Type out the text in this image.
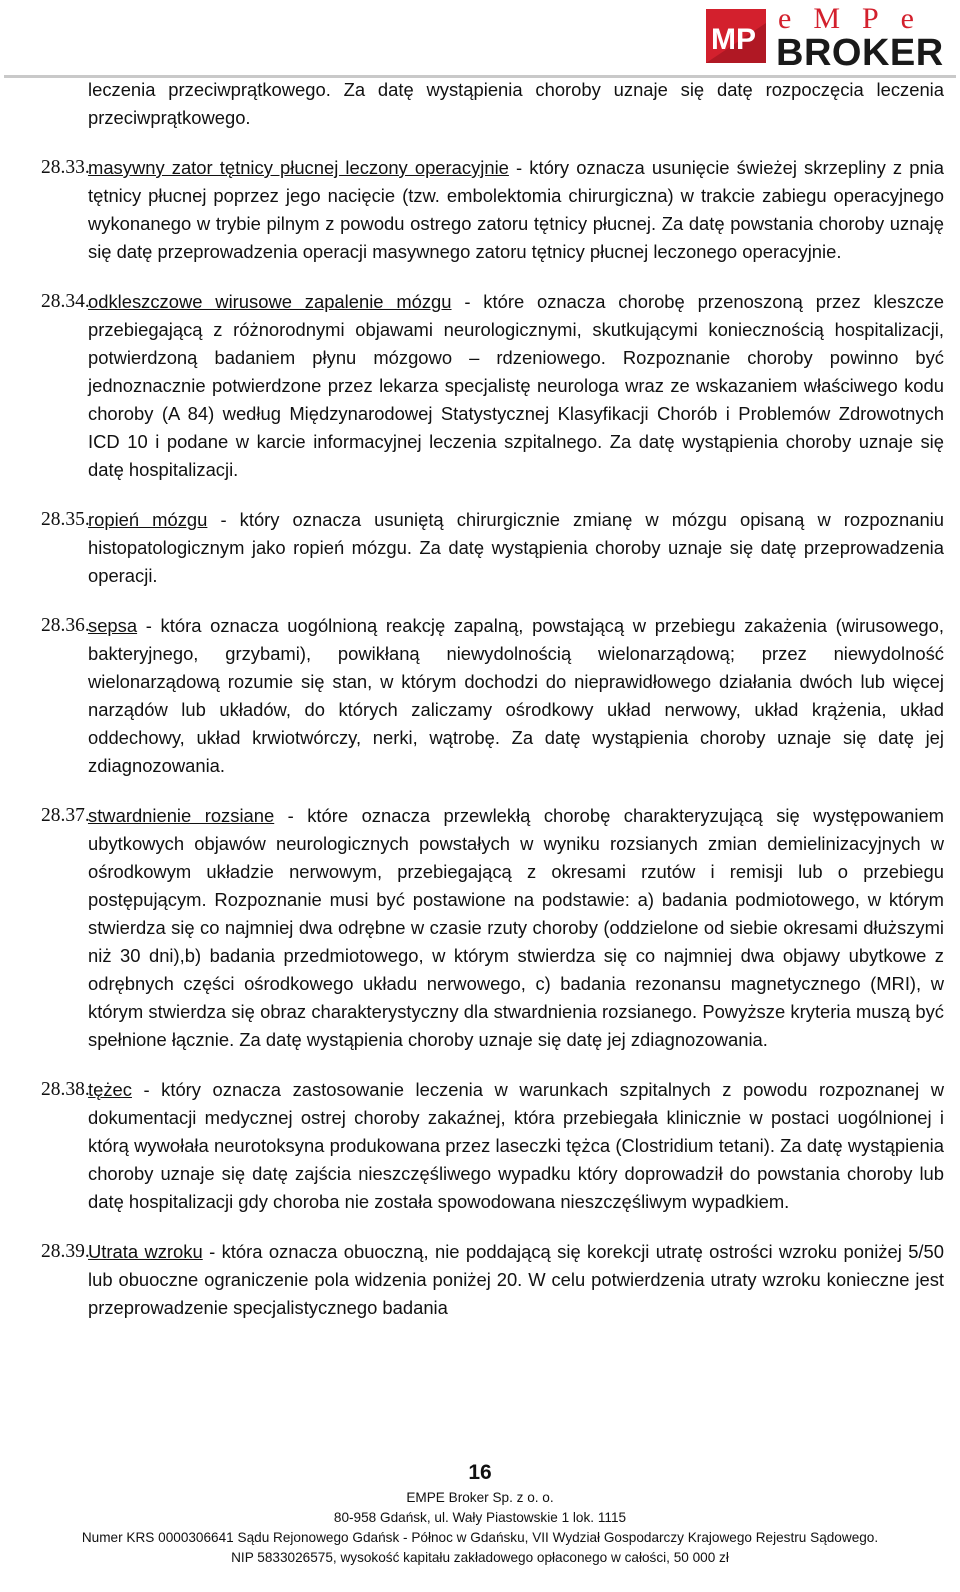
MP
eMPe
BROKER

leczenia przeciwprątkowego. Za datę wystąpienia choroby uznaje się datę rozpoczęcia leczenia przeciwprątkowego.

28.33.
masywny zator tętnicy płucnej leczony operacyjnie - który oznacza usunięcie świeżej skrzepliny z pnia tętnicy płucnej poprzez jego nacięcie (tzw. embolektomia chirurgiczna) w trakcie zabiegu operacyjnego wykonanego w trybie pilnym z powodu ostrego zatoru tętnicy płucnej. Za datę powstania choroby uznaję się datę przeprowadzenia operacji masywnego zatoru tętnicy płucnej leczonego operacyjnie.

28.34.
odkleszczowe wirusowe zapalenie mózgu - które oznacza chorobę przenoszoną przez kleszcze przebiegającą z różnorodnymi objawami neurologicznymi, skutkującymi koniecznością hospitalizacji, potwierdzoną badaniem płynu mózgowo – rdzeniowego. Rozpoznanie choroby powinno być jednoznacznie potwierdzone przez lekarza specjalistę neurologa wraz ze wskazaniem właściwego kodu choroby (A 84) według Międzynarodowej Statystycznej Klasyfikacji Chorób i Problemów Zdrowotnych ICD 10 i podane w karcie informacyjnej leczenia szpitalnego. Za datę wystąpienia choroby uznaje się datę hospitalizacji.

28.35.
ropień mózgu - który oznacza usuniętą chirurgicznie zmianę w mózgu opisaną w rozpoznaniu histopatologicznym jako ropień mózgu. Za datę wystąpienia choroby uznaje się datę przeprowadzenia operacji.

28.36.
sepsa - która oznacza uogólnioną reakcję zapalną, powstającą w przebiegu zakażenia (wirusowego, bakteryjnego, grzybami), powikłaną niewydolnością wielonarządową; przez niewydolność wielonarządową rozumie się stan, w którym dochodzi do nieprawidłowego działania dwóch lub więcej narządów lub układów, do których zaliczamy ośrodkowy układ nerwowy, układ krążenia, układ oddechowy, układ krwiotwórczy, nerki, wątrobę. Za datę wystąpienia choroby uznaje się datę jej zdiagnozowania.

28.37.
stwardnienie rozsiane - które oznacza przewlekłą chorobę charakteryzującą się występowaniem ubytkowych objawów neurologicznych powstałych w wyniku rozsianych zmian demielinizacyjnych w ośrodkowym układzie nerwowym, przebiegającą z okresami rzutów i remisji lub o przebiegu postępującym. Rozpoznanie musi być postawione na podstawie: a) badania podmiotowego, w którym stwierdza się co najmniej dwa odrębne w czasie rzuty choroby (oddzielone od siebie okresami dłuższymi niż 30 dni),b) badania przedmiotowego, w którym stwierdza się co najmniej dwa objawy ubytkowe z odrębnych części ośrodkowego układu nerwowego, c) badania rezonansu magnetycznego (MRI), w którym stwierdza się obraz charakterystyczny dla stwardnienia rozsianego. Powyższe kryteria muszą być spełnione łącznie. Za datę wystąpienia choroby uznaje się datę jej zdiagnozowania.

28.38.
tężec - który oznacza zastosowanie leczenia w warunkach szpitalnych z powodu rozpoznanej w dokumentacji medycznej ostrej choroby zakaźnej, która przebiegała klinicznie w postaci uogólnionej i którą wywołała neurotoksyna produkowana przez laseczki tężca (Clostridium tetani). Za datę wystąpienia choroby uznaje się datę zajścia nieszczęśliwego wypadku który doprowadził do powstania choroby lub datę hospitalizacji gdy choroba nie została spowodowana nieszczęśliwym wypadkiem.

28.39.
Utrata wzroku - która oznacza obuoczną, nie poddającą się korekcji utratę ostrości wzroku poniżej 5/50 lub obuoczne ograniczenie pola widzenia poniżej 20. W celu potwierdzenia utraty wzroku konieczne jest przeprowadzenie specjalistycznego badania

16
EMPE Broker Sp. z o. o.
80-958 Gdańsk, ul. Wały Piastowskie 1 lok. 1115
Numer KRS 0000306641 Sądu Rejonowego Gdańsk - Północ w Gdańsku, VII Wydział Gospodarczy Krajowego Rejestru Sądowego.
NIP 5833026575, wysokość kapitału zakładowego opłaconego w całości, 50 000 zł
